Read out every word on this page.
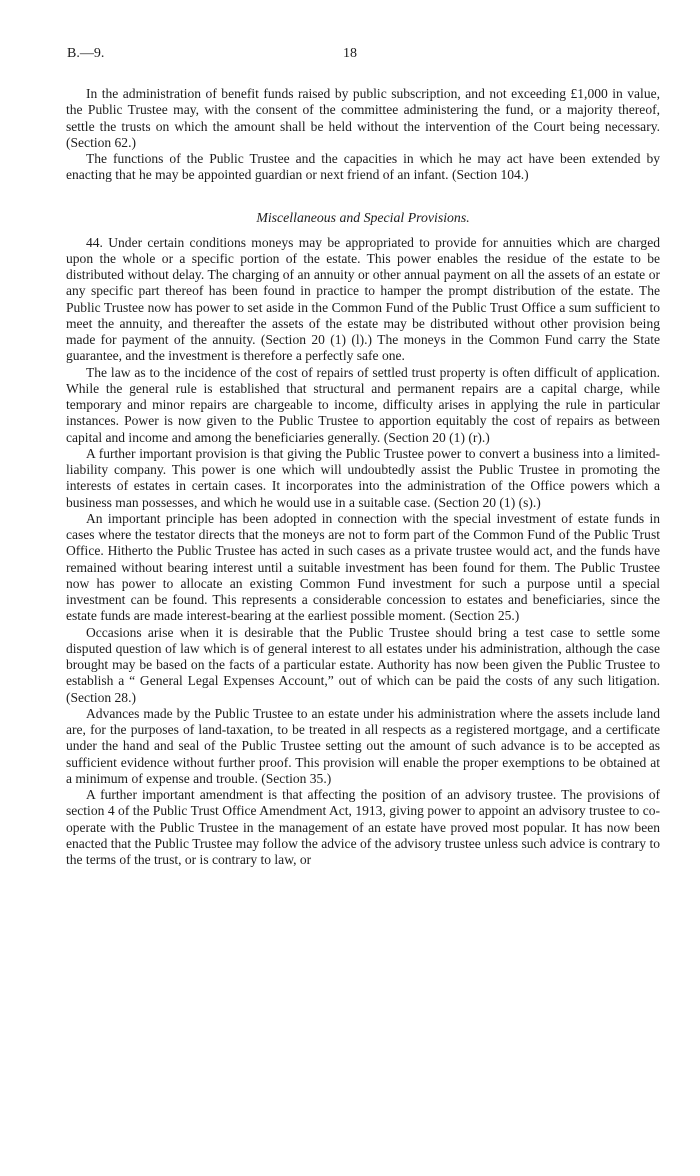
B.—9.	18

In the administration of benefit funds raised by public subscription, and not exceeding £1,000 in value, the Public Trustee may, with the consent of the committee administering the fund, or a majority thereof, settle the trusts on which the amount shall be held without the intervention of the Court being necessary. (Section 62.)

The functions of the Public Trustee and the capacities in which he may act have been extended by enacting that he may be appointed guardian or next friend of an infant. (Section 104.)

Miscellaneous and Special Provisions.

44. Under certain conditions moneys may be appropriated to provide for annuities which are charged upon the whole or a specific portion of the estate. This power enables the residue of the estate to be distributed without delay. The charging of an annuity or other annual payment on all the assets of an estate or any specific part thereof has been found in practice to hamper the prompt distribution of the estate. The Public Trustee now has power to set aside in the Common Fund of the Public Trust Office a sum sufficient to meet the annuity, and thereafter the assets of the estate may be distributed without other provision being made for payment of the annuity. (Section 20 (1) (l).) The moneys in the Common Fund carry the State guarantee, and the investment is therefore a perfectly safe one.

The law as to the incidence of the cost of repairs of settled trust property is often difficult of application. While the general rule is established that structural and permanent repairs are a capital charge, while temporary and minor repairs are chargeable to income, difficulty arises in applying the rule in particular instances. Power is now given to the Public Trustee to apportion equitably the cost of repairs as between capital and income and among the beneficiaries generally. (Section 20 (1) (r).)

A further important provision is that giving the Public Trustee power to convert a business into a limited-liability company. This power is one which will undoubtedly assist the Public Trustee in promoting the interests of estates in certain cases. It incorporates into the administration of the Office powers which a business man possesses, and which he would use in a suitable case. (Section 20 (1) (s).)

An important principle has been adopted in connection with the special investment of estate funds in cases where the testator directs that the moneys are not to form part of the Common Fund of the Public Trust Office. Hitherto the Public Trustee has acted in such cases as a private trustee would act, and the funds have remained without bearing interest until a suitable investment has been found for them. The Public Trustee now has power to allocate an existing Common Fund investment for such a purpose until a special investment can be found. This represents a considerable concession to estates and beneficiaries, since the estate funds are made interest-bearing at the earliest possible moment. (Section 25.)

Occasions arise when it is desirable that the Public Trustee should bring a test case to settle some disputed question of law which is of general interest to all estates under his administration, although the case brought may be based on the facts of a particular estate. Authority has now been given the Public Trustee to establish a “ General Legal Expenses Account,” out of which can be paid the costs of any such litigation. (Section 28.)

Advances made by the Public Trustee to an estate under his administration where the assets include land are, for the purposes of land-taxation, to be treated in all respects as a registered mortgage, and a certificate under the hand and seal of the Public Trustee setting out the amount of such advance is to be accepted as sufficient evidence without further proof. This provision will enable the proper exemptions to be obtained at a minimum of expense and trouble. (Section 35.)

A further important amendment is that affecting the position of an advisory trustee. The provisions of section 4 of the Public Trust Office Amendment Act, 1913, giving power to appoint an advisory trustee to co-operate with the Public Trustee in the management of an estate have proved most popular. It has now been enacted that the Public Trustee may follow the advice of the advisory trustee unless such advice is contrary to the terms of the trust, or is contrary to law, or
